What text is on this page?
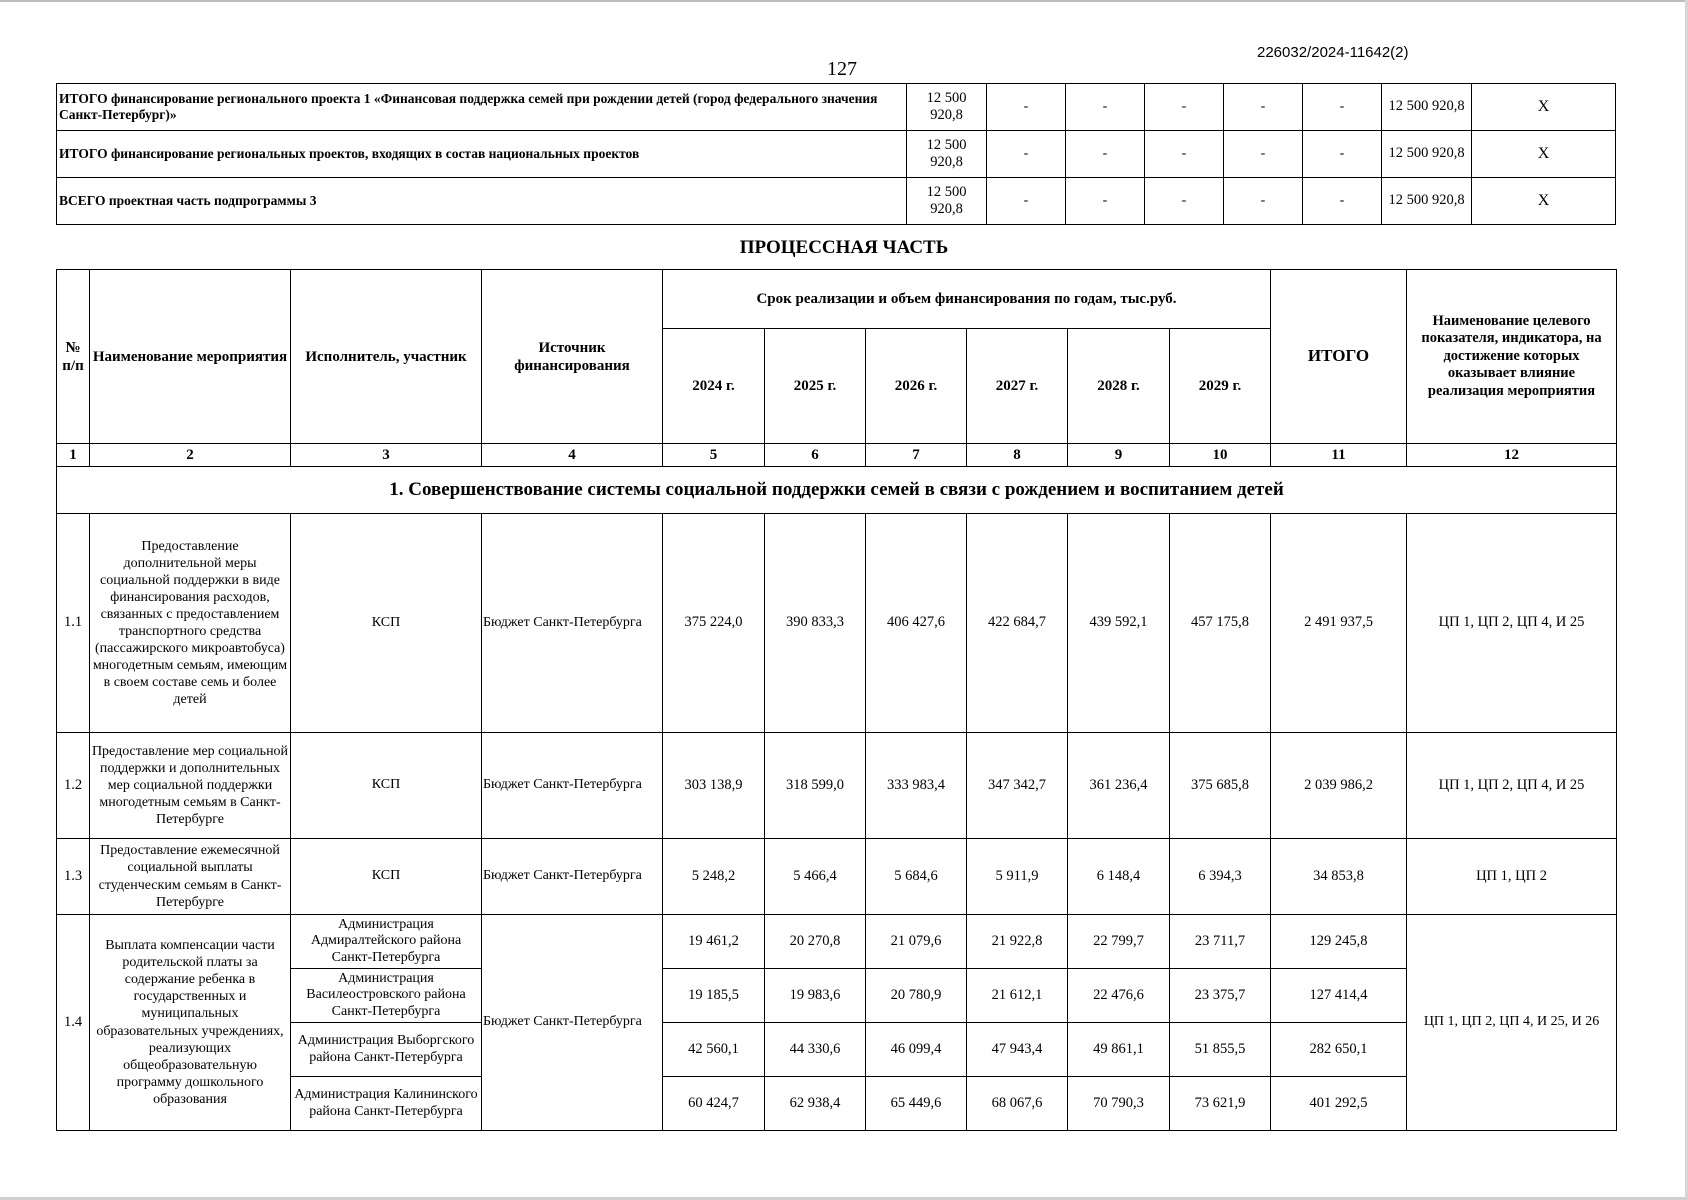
127
226032/2024-11642(2)
ИТОГО финансирование регионального проекта 1 «Финансовая поддержка семей при рождении детей (город федерального значения Санкт-Петербург)»	12 500 920,8	-	-	-	-	-	12 500 920,8	Х
ИТОГО финансирование региональных проектов, входящих в состав национальных проектов	12 500 920,8	-	-	-	-	-	12 500 920,8	Х
ВСЕГО проектная часть подпрограммы 3	12 500 920,8	-	-	-	-	-	12 500 920,8	Х
ПРОЦЕССНАЯ ЧАСТЬ
№ п/п	Наименование мероприятия	Исполнитель, участник	Источник финансирования	Срок реализации и объем финансирования по годам, тыс.руб.						ИТОГО	Наименование целевого показателя, индикатора, на достижение которых оказывает влияние реализация мероприятия
				2024 г.	2025 г.	2026 г.	2027 г.	2028 г.	2029 г.		
1	2	3	4	5	6	7	8	9	10	11	12
1. Совершенствование системы социальной поддержки семей в связи с рождением и воспитанием детей											
1.1	Предоставление дополнительной меры социальной поддержки в виде финансирования расходов, связанных с предоставлением транспортного средства (пассажирского микроавтобуса) многодетным семьям, имеющим в своем составе семь и более детей	КСП	Бюджет Санкт-Петербурга	375 224,0	390 833,3	406 427,6	422 684,7	439 592,1	457 175,8	2 491 937,5	ЦП 1, ЦП 2, ЦП 4, И 25
1.2	Предоставление мер социальной поддержки и дополнительных мер социальной поддержки многодетным семьям в Санкт-Петербурге	КСП	Бюджет Санкт-Петербурга	303 138,9	318 599,0	333 983,4	347 342,7	361 236,4	375 685,8	2 039 986,2	ЦП 1, ЦП 2, ЦП 4, И 25
1.3	Предоставление ежемесячной социальной выплаты студенческим семьям в Санкт-Петербурге	КСП	Бюджет Санкт-Петербурга	5 248,2	5 466,4	5 684,6	5 911,9	6 148,4	6 394,3	34 853,8	ЦП 1, ЦП 2
1.4	Выплата компенсации части родительской платы за содержание ребенка в государственных и муниципальных образовательных учреждениях, реализующих общеобразовательную программу дошкольного образования	Администрация Адмиралтейского района Санкт-Петербурга	Бюджет Санкт-Петербурга	19 461,2	20 270,8	21 079,6	21 922,8	22 799,7	23 711,7	129 245,8	ЦП 1, ЦП 2, ЦП 4, И 25, И 26
		Администрация Василеостровского района Санкт-Петербурга		19 185,5	19 983,6	20 780,9	21 612,1	22 476,6	23 375,7	127 414,4	
		Администрация Выборгского района Санкт-Петербурга		42 560,1	44 330,6	46 099,4	47 943,4	49 861,1	51 855,5	282 650,1	
		Администрация Калининского района Санкт-Петербурга		60 424,7	62 938,4	65 449,6	68 067,6	70 790,3	73 621,9	401 292,5	
